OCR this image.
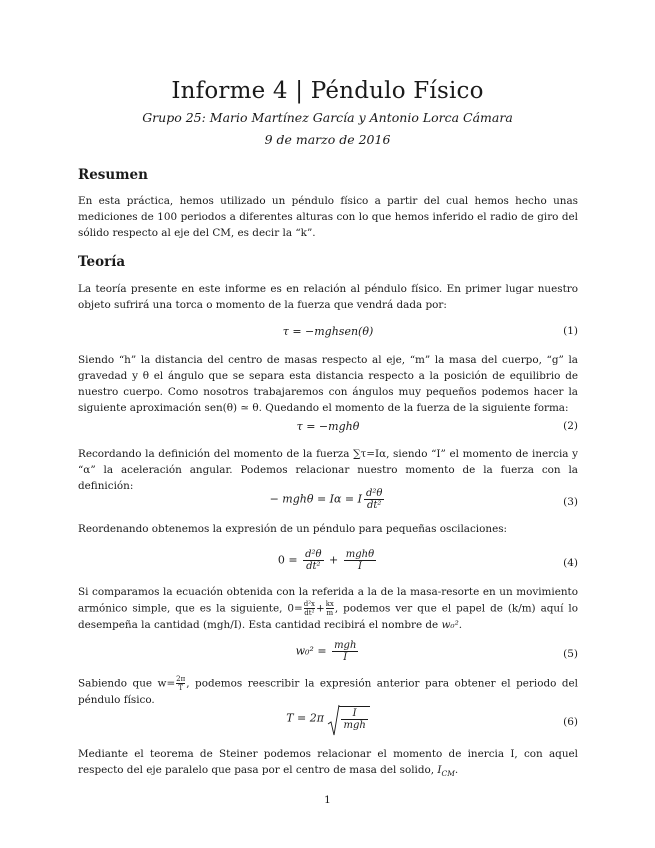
Informe 4 | Péndulo Físico
Grupo 25: Mario Martínez García y Antonio Lorca Cámara
9 de marzo de 2016
Resumen
En esta práctica, hemos utilizado un péndulo físico a partir del cual hemos hecho unas mediciones de 100 periodos a diferentes alturas con lo que hemos inferido el radio de giro del sólido respecto al eje del CM, es decir la “k”.
Teoría
La teoría presente en este informe es en relación al péndulo físico. En primer lugar nuestro objeto sufrirá una torca o momento de la fuerza que vendrá dada por:
τ = −mghsen(θ)	(1)
Siendo “h” la distancia del centro de masas respecto al eje, “m” la masa del cuerpo, “g” la gravedad y θ el ángulo que se separa esta distancia respecto a la posición de equilibrio de nuestro cuerpo. Como nosotros trabajaremos con ángulos muy pequeños podemos hacer la siguiente aproximación sen(θ) ≃ θ. Quedando el momento de la fuerza de la siguiente forma:
τ = −mghθ	(2)
Recordando la definición del momento de la fuerza ∑τ=Iα, siendo “I” el momento de inercia y “α” la aceleración angular. Podemos relacionar nuestro momento de la fuerza con la definición:
− mghθ = Iα = I $\frac{\text{d²θ}}{\text{dt²}}$	(3)
Reordenando obtenemos la expresión de un péndulo para pequeñas oscilaciones:
$0 = \frac{\text{d²θ}}{\text{dt²}} + \frac{\text{mghθ}}{I}$	(4)
Si comparamos la ecuación obtenida con la referida a la de la masa-resorte en un movimiento armónico simple, que es la siguiente, $0= \frac{\text{d²x}}{\text{dt²}}+ \frac{kx}{m}$, podemos ver que el papel de (k/m) aquí lo desempeña la cantidad (mgh/I). Esta cantidad recibirá el nombre de w₀².
$w_0^2 = \frac{\text{mgh}}{I}$	(5)
Sabiendo que $w= \frac{2\pi}{T}$, podemos reescribir la expresión anterior para obtener el periodo del péndulo físico.
$T = 2\pi \frac{I}{\text{mgh}}$	(6)
Mediante el teorema de Steiner podemos relacionar el momento de inercia I, con aquel respecto del eje paralelo que pasa por el centro de masa del solido, $I_{CM}$.
1
